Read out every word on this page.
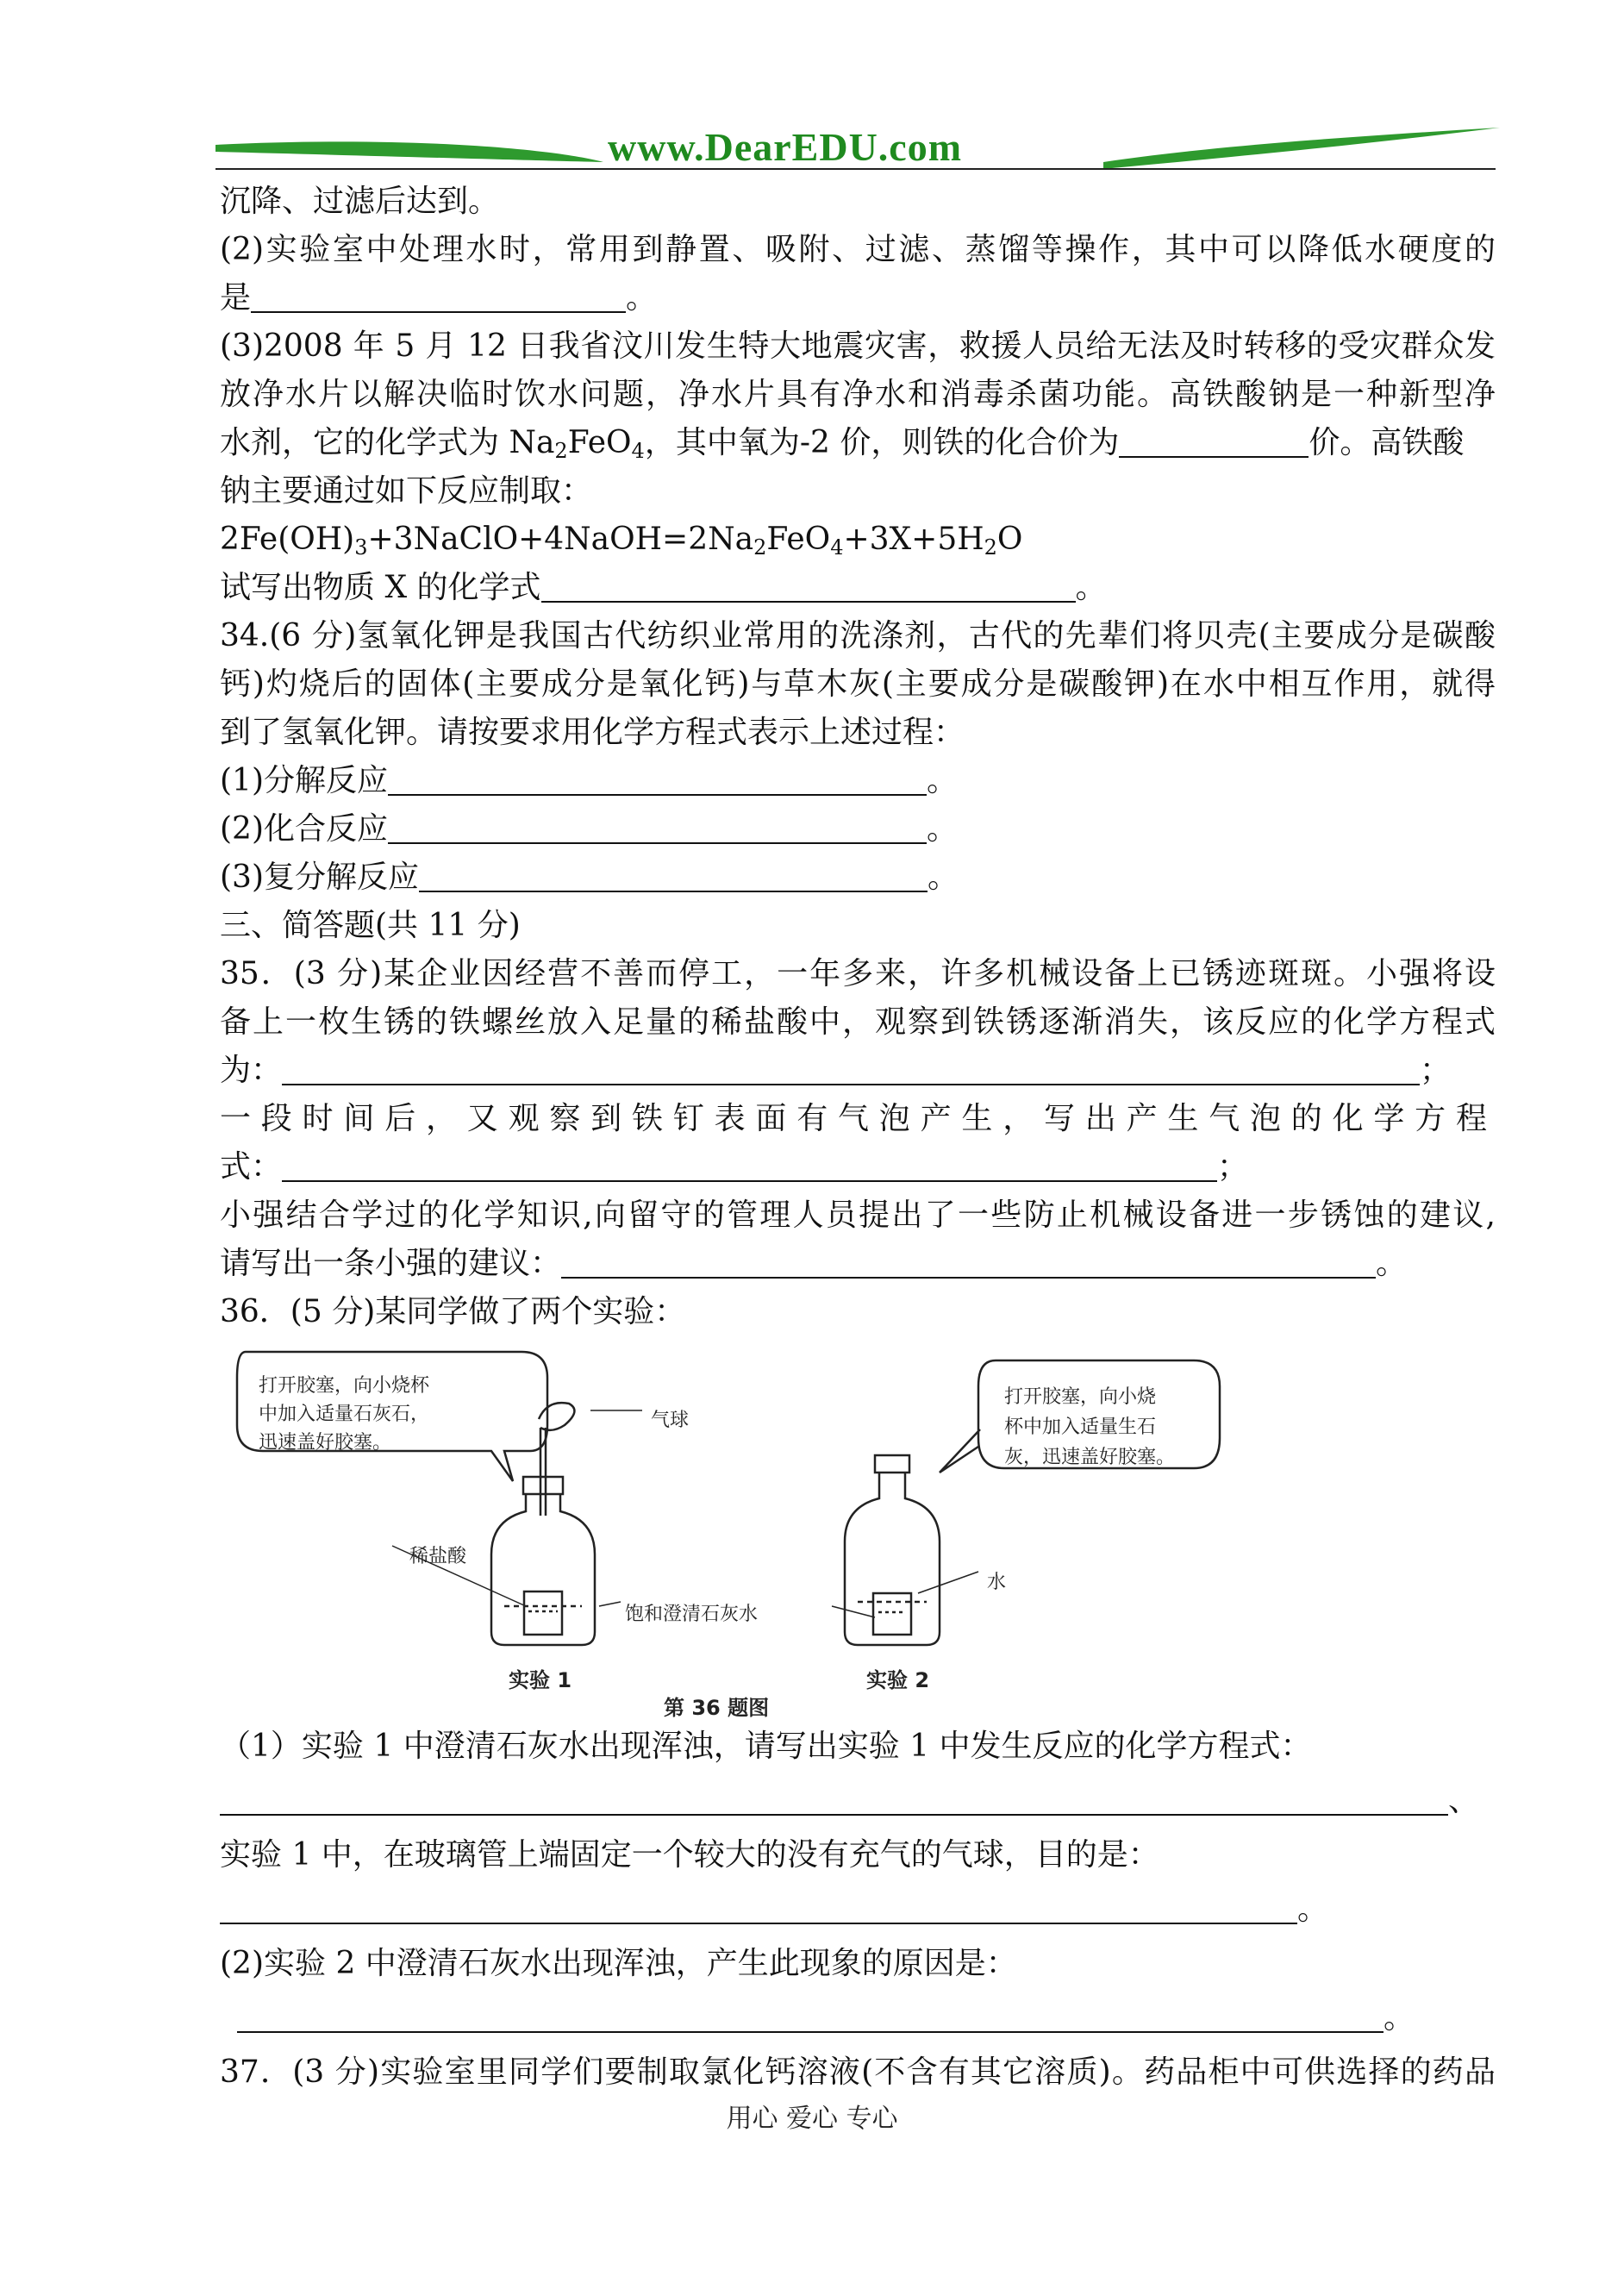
www.DearEDU.com
沉降、过滤后达到。
(2)实验室中处理水时，常用到静置、吸附、过滤、蒸馏等操作，其中可以降低水硬度的
是	。
(3)2008 年 5 月 12 日我省汶川发生特大地震灾害，救援人员给无法及时转移的受灾群众发
放净水片以解决临时饮水问题，净水片具有净水和消毒杀菌功能。高铁酸钠是一种新型净
水剂，它的化学式为 $Na_2FeO_4$，其中氧为-2 价，则铁的化合价为	价。高铁酸
钠主要通过如下反应制取：
$2Fe(OH)_3+3NaClO+4NaOH=2Na_2FeO_4+3X+5H_2O$
试写出物质 X 的化学式	。
34.(6 分)氢氧化钾是我国古代纺织业常用的洗涤剂，古代的先辈们将贝壳(主要成分是碳酸
钙)灼烧后的固体(主要成分是氧化钙)与草木灰(主要成分是碳酸钾)在水中相互作用，就得
到了氢氧化钾。请按要求用化学方程式表示上述过程：
(1)分解反应	。
(2)化合反应	。
(3)复分解反应	。
三、简答题(共 11 分)
35．(3 分)某企业因经营不善而停工，一年多来，许多机械设备上已锈迹斑斑。小强将设
备上一枚生锈的铁螺丝放入足量的稀盐酸中，观察到铁锈逐渐消失，该反应的化学方程式
为：	；
一段时间后，又观察到铁钉表面有气泡产生，写出产生气泡的化学方程
式：	；
小强结合学过的化学知识,向留守的管理人员提出了一些防止机械设备进一步锈蚀的建议,
请写出一条小强的建议：	。
36．(5 分)某同学做了两个实验：
打开胶塞，向小烧杯
中加入适量石灰石，
迅速盖好胶塞。
打开胶塞，向小烧
杯中加入适量生石
灰，迅速盖好胶塞。
气球
稀盐酸
饱和澄清石灰水
水
实验 1	实验 2
第 36 题图
（1）实验 1 中澄清石灰水出现浑浊，请写出实验 1 中发生反应的化学方程式：
、
实验 1 中，在玻璃管上端固定一个较大的没有充气的气球，目的是：
。
(2)实验 2 中澄清石灰水出现浑浊，产生此现象的原因是：
。
37．(3 分)实验室里同学们要制取氯化钙溶液(不含有其它溶质)。药品柜中可供选择的药品
用心 爱心 专心
